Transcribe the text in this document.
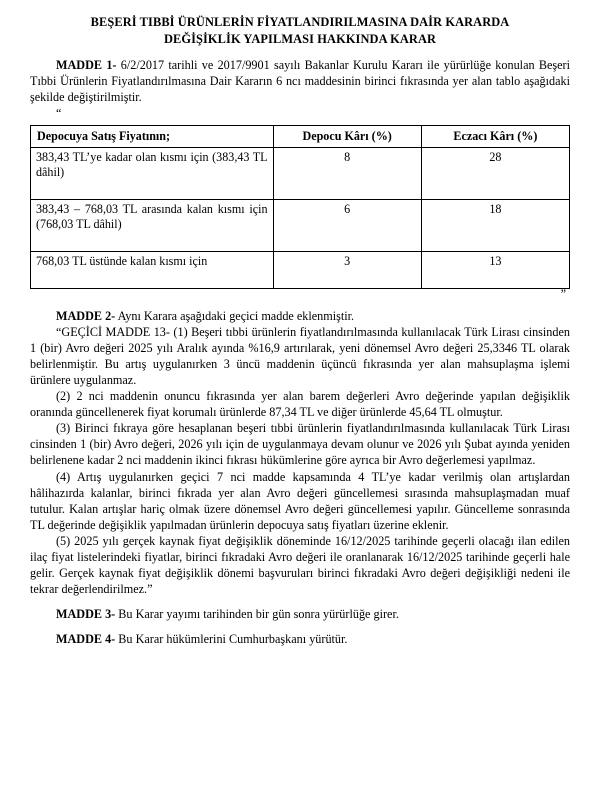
BEŞERİ TIBBİ ÜRÜNLERİN FİYATLANDIRILMASINA DAİR KARARDA
DEĞİŞİKLİK YAPILMASI HAKKINDA KARAR

MADDE 1- 6/2/2017 tarihli ve 2017/9901 sayılı Bakanlar Kurulu Kararı ile yürürlüğe konulan Beşeri Tıbbi Ürünlerin Fiyatlandırılmasına Dair Kararın 6 ncı maddesinin birinci fıkrasında yer alan tablo aşağıdaki şekilde değiştirilmiştir.

“
Depocuya Satış Fiyatının;	Depocu Kârı (%)	Eczacı Kârı (%)
383,43 TL’ye kadar olan kısmı için (383,43 TL dâhil)	8	28
383,43 – 768,03 TL arasında kalan kısmı için (768,03 TL dâhil)	6	18
768,03 TL üstünde kalan kısmı için	3	13
”

MADDE 2- Aynı Karara aşağıdaki geçici madde eklenmiştir.

“GEÇİCİ MADDE 13- (1) Beşeri tıbbi ürünlerin fiyatlandırılmasında kullanılacak Türk Lirası cinsinden 1 (bir) Avro değeri 2025 yılı Aralık ayında %16,9 artırılarak, yeni dönemsel Avro değeri 25,3346 TL olarak belirlenmiştir. Bu artış uygulanırken 3 üncü maddenin üçüncü fıkrasında yer alan mahsuplaşma işlemi ürünlere uygulanmaz.

(2) 2 nci maddenin onuncu fıkrasında yer alan barem değerleri Avro değerinde yapılan değişiklik oranında güncellenerek fiyat korumalı ürünlerde 87,34 TL ve diğer ürünlerde 45,64 TL olmuştur.

(3) Birinci fıkraya göre hesaplanan beşeri tıbbi ürünlerin fiyatlandırılmasında kullanılacak Türk Lirası cinsinden 1 (bir) Avro değeri, 2026 yılı için de uygulanmaya devam olunur ve 2026 yılı Şubat ayında yeniden belirlenene kadar 2 nci maddenin ikinci fıkrası hükümlerine göre ayrıca bir Avro değerlemesi yapılmaz.

(4) Artış uygulanırken geçici 7 nci madde kapsamında 4 TL’ye kadar verilmiş olan artışlardan hâlihazırda kalanlar, birinci fıkrada yer alan Avro değeri güncellemesi sırasında mahsuplaşmadan muaf tutulur. Kalan artışlar hariç olmak üzere dönemsel Avro değeri güncellemesi yapılır. Güncelleme sonrasında TL değerinde değişiklik yapılmadan ürünlerin depocuya satış fiyatları üzerine eklenir.

(5) 2025 yılı gerçek kaynak fiyat değişiklik döneminde 16/12/2025 tarihinde geçerli olacağı ilan edilen ilaç fiyat listelerindeki fiyatlar, birinci fıkradaki Avro değeri ile oranlanarak 16/12/2025 tarihinde geçerli hale gelir. Gerçek kaynak fiyat değişiklik dönemi başvuruları birinci fıkradaki Avro değeri değişikliği nedeni ile tekrar değerlendirilmez.”

MADDE 3- Bu Karar yayımı tarihinden bir gün sonra yürürlüğe girer.

MADDE 4- Bu Karar hükümlerini Cumhurbaşkanı yürütür.
